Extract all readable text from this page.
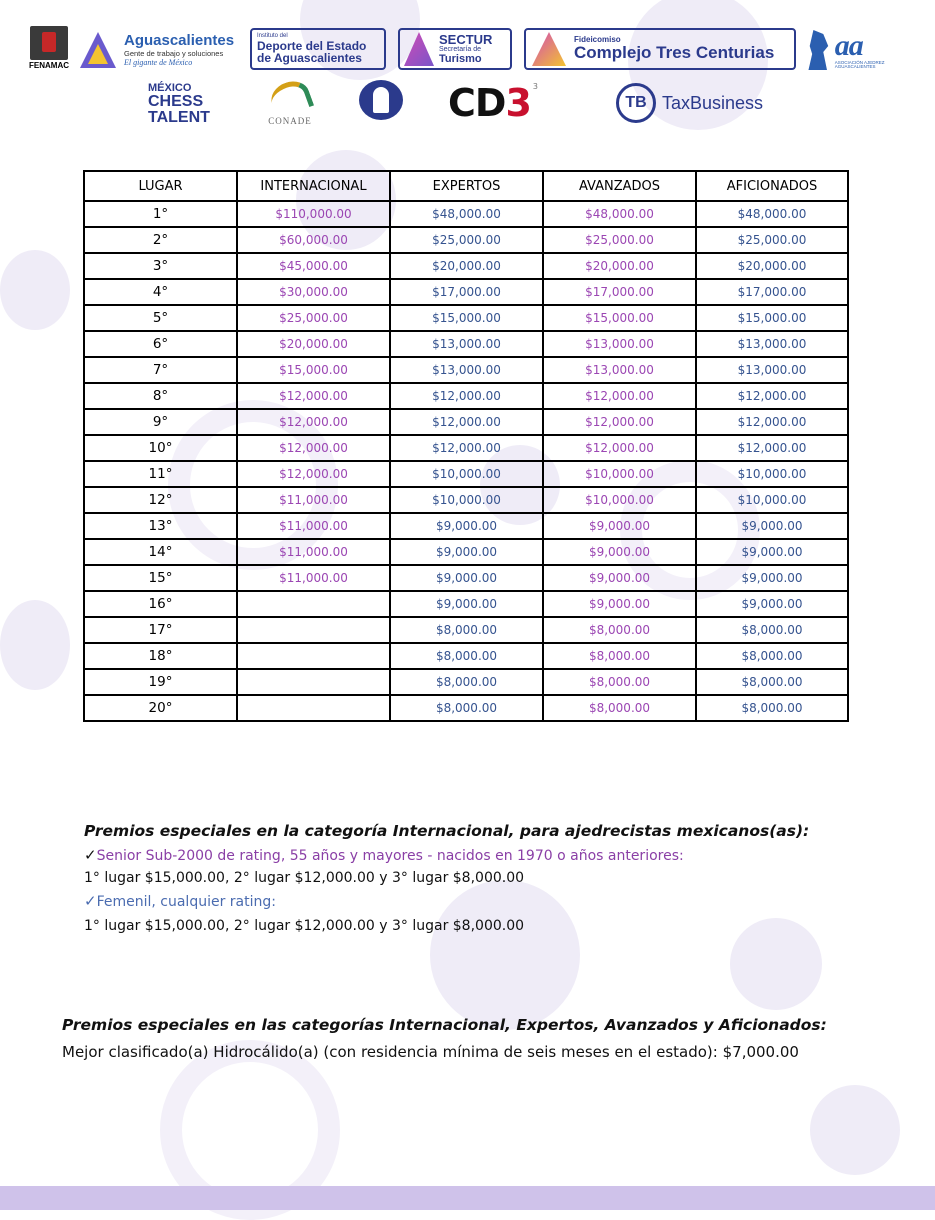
FENAMAC
Aguascalientes
Gente de trabajo y soluciones
El gigante de México
Instituto del
Deporte del Estado
de Aguascalientes
SECTUR
Secretaría de
Turismo
Fideicomiso
Complejo Tres Centurias aa
ASOCIACIÓN AJEDREZ AGUASCALIENTES
MÉXICO
CHESS
TALENT	CONADE	CD 3 3
TB TaxBusiness
LUGAR	INTERNACIONAL	EXPERTOS	AVANZADOS	AFICIONADOS
1°	$110,000.00	$48,000.00	$48,000.00	$48,000.00
2°	$60,000.00	$25,000.00	$25,000.00	$25,000.00
3°	$45,000.00	$20,000.00	$20,000.00	$20,000.00
4°	$30,000.00	$17,000.00	$17,000.00	$17,000.00
5°	$25,000.00	$15,000.00	$15,000.00	$15,000.00
6°	$20,000.00	$13,000.00	$13,000.00	$13,000.00
7°	$15,000.00	$13,000.00	$13,000.00	$13,000.00
8°	$12,000.00	$12,000.00	$12,000.00	$12,000.00
9°	$12,000.00	$12,000.00	$12,000.00	$12,000.00
10°	$12,000.00	$12,000.00	$12,000.00	$12,000.00
11°	$12,000.00	$10,000.00	$10,000.00	$10,000.00
12°	$11,000.00	$10,000.00	$10,000.00	$10,000.00
13°	$11,000.00	$9,000.00	$9,000.00	$9,000.00
14°	$11,000.00	$9,000.00	$9,000.00	$9,000.00
15°	$11,000.00	$9,000.00	$9,000.00	$9,000.00
16°		$9,000.00	$9,000.00	$9,000.00
17°		$8,000.00	$8,000.00	$8,000.00
18°		$8,000.00	$8,000.00	$8,000.00
19°		$8,000.00	$8,000.00	$8,000.00
20°		$8,000.00	$8,000.00	$8,000.00

Premios especiales en la categoría Internacional, para ajedrecistas mexicanos(as):

✓Senior Sub-2000 de rating, 55 años y mayores - nacidos en 1970 o años anteriores:

1° lugar $15,000.00, 2° lugar $12,000.00 y 3° lugar $8,000.00

✓Femenil, cualquier rating:

1° lugar $15,000.00, 2° lugar $12,000.00 y 3° lugar $8,000.00

Premios especiales en las categorías Internacional, Expertos, Avanzados y Aficionados:

Mejor clasificado(a) Hidrocálido(a) (con residencia mínima de seis meses en el estado): $7,000.00
